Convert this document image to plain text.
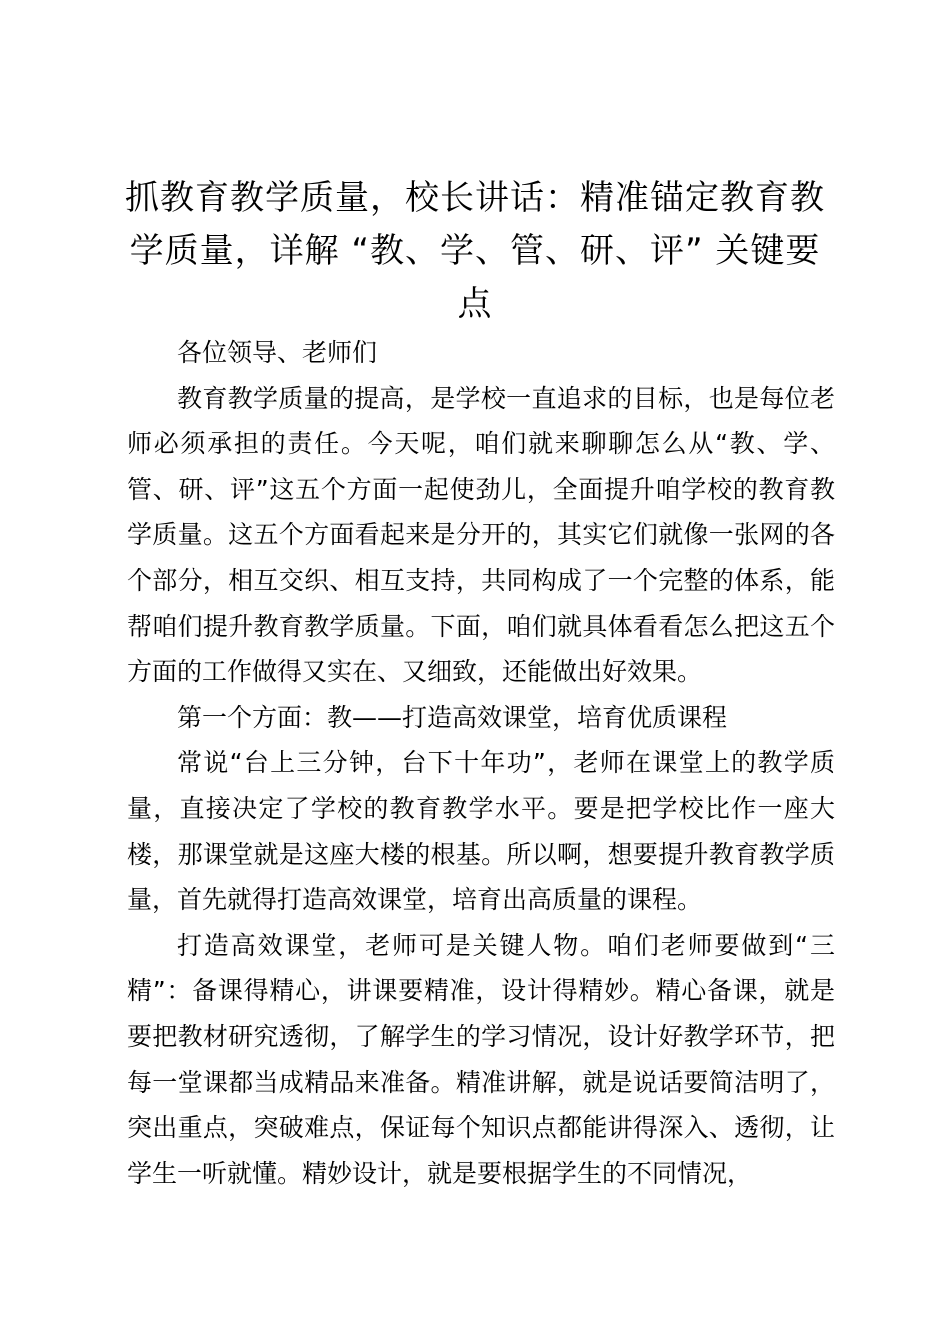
抓教育教学质量，校长讲话：精准锚定教育教学质量，详解 “教、学、管、研、评” 关键要点

各位领导、老师们

教育教学质量的提高，是学校一直追求的目标，也是每位老师必须承担的责任。今天呢，咱们就来聊聊怎么从“教、学、管、研、评”这五个方面一起使劲儿，全面提升咱学校的教育教学质量。这五个方面看起来是分开的，其实它们就像一张网的各个部分，相互交织、相互支持，共同构成了一个完整的体系，能帮咱们提升教育教学质量。下面，咱们就具体看看怎么把这五个方面的工作做得又实在、又细致，还能做出好效果。

第一个方面：教——打造高效课堂，培育优质课程

常说“台上三分钟，台下十年功”，老师在课堂上的教学质量，直接决定了学校的教育教学水平。要是把学校比作一座大楼，那课堂就是这座大楼的根基。所以啊，想要提升教育教学质量，首先就得打造高效课堂，培育出高质量的课程。

打造高效课堂，老师可是关键人物。咱们老师要做到“三精”：备课得精心，讲课要精准，设计得精妙。精心备课，就是要把教材研究透彻，了解学生的学习情况，设计好教学环节，把每一堂课都当成精品来准备。精准讲解，就是说话要简洁明了，突出重点，突破难点，保证每个知识点都能讲得深入、透彻，让学生一听就懂。精妙设计，就是要根据学生的不同情况，
